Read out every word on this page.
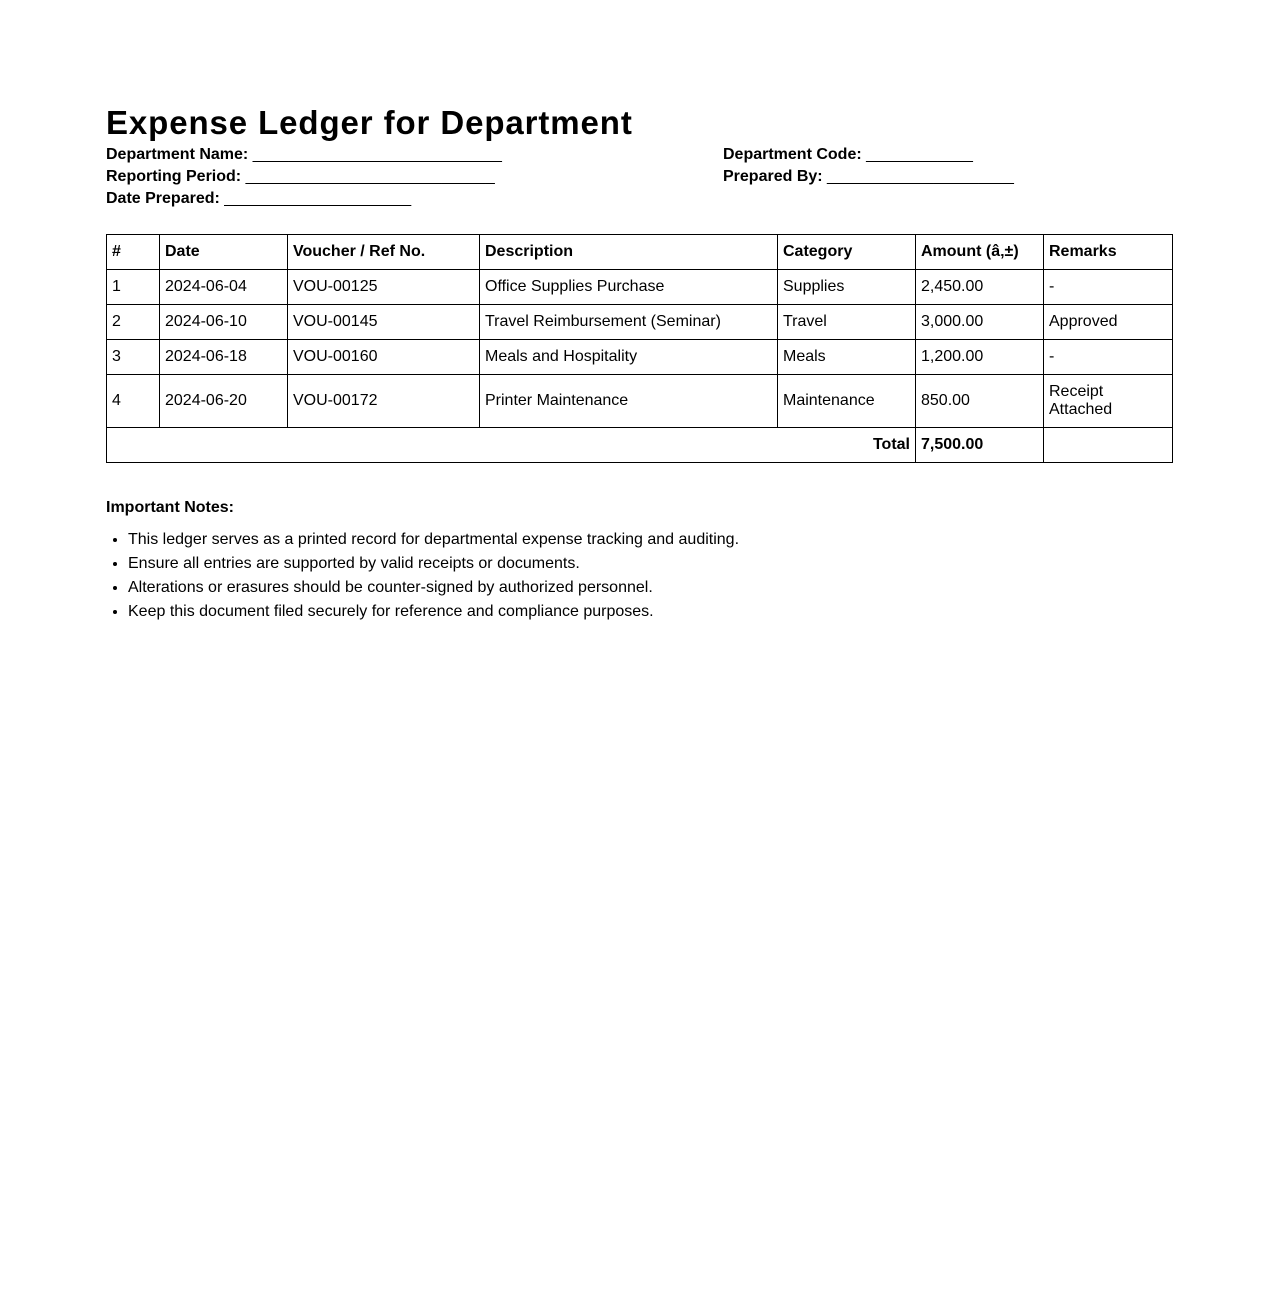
Expense Ledger for Department
Department Name: ____________________________
Reporting Period: ____________________________
Date Prepared: _____________________
Department Code: ____________
Prepared By: _____________________
#	Date	Voucher / Ref No.	Description	Category	Amount (â‚±)	Remarks
1	2024-06-04	VOU-00125	Office Supplies Purchase	Supplies	2,450.00	-
2	2024-06-10	VOU-00145	Travel Reimbursement (Seminar)	Travel	3,000.00	Approved
3	2024-06-18	VOU-00160	Meals and Hospitality	Meals	1,200.00	-
4	2024-06-20	VOU-00172	Printer Maintenance	Maintenance	850.00	Receipt Attached
Total					7,500.00	

Important Notes:

• This ledger serves as a printed record for departmental expense tracking and auditing.
• Ensure all entries are supported by valid receipts or documents.
• Alterations or erasures should be counter-signed by authorized personnel.
• Keep this document filed securely for reference and compliance purposes.
